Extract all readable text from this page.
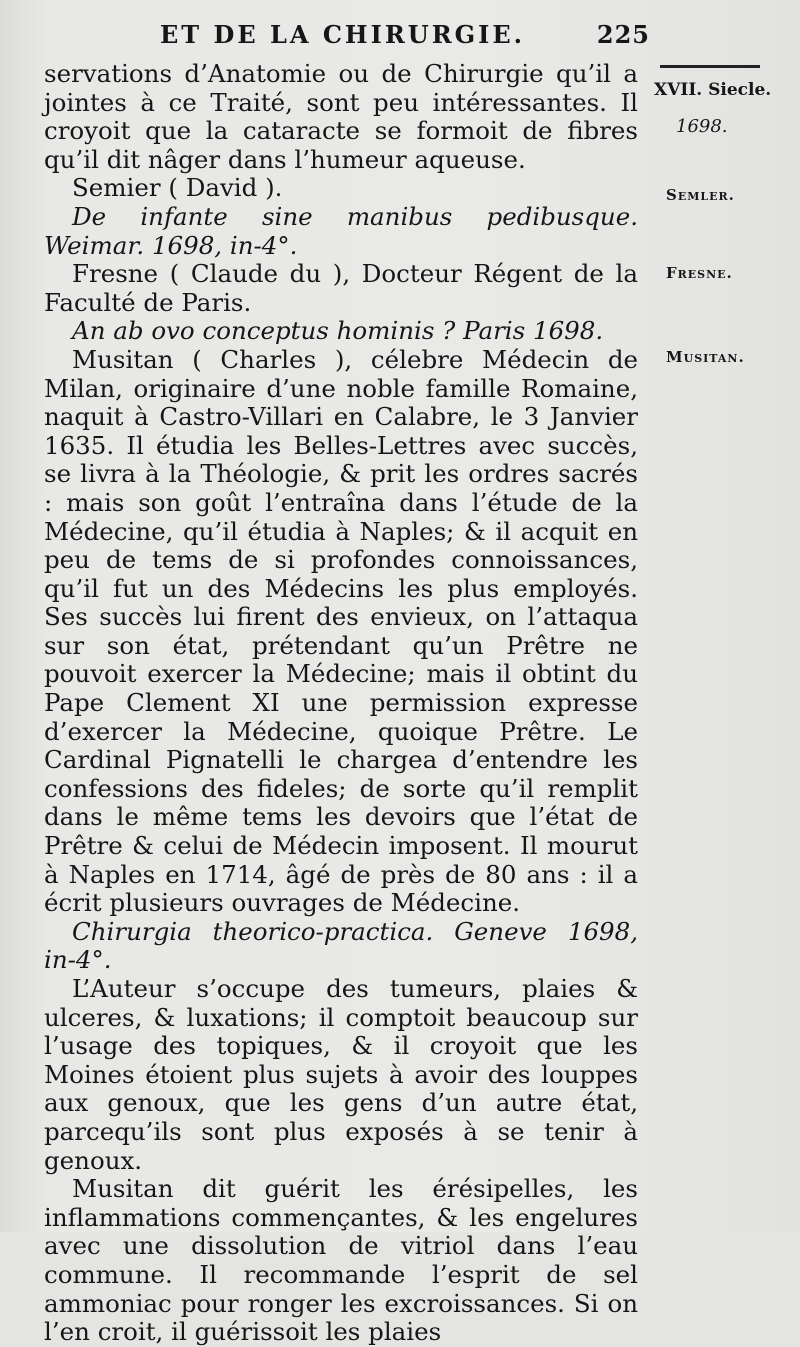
ET DE LA CHIRURGIE.	225

servations d’Anatomie ou de Chirurgie qu’il a jointes à ce Traité, sont peu intéressantes. Il croyoit que la cataracte se formoit de fibres qu’il dit nâger dans l’humeur aqueuse.

Semier ( David ).

De infante sine manibus pedibusque. Weimar. 1698, in-4°.

Fresne ( Claude du ), Docteur Régent de la Faculté de Paris.

An ab ovo conceptus hominis ? Paris 1698.

Musitan ( Charles ), célebre Médecin de Milan, originaire d’une noble famille Romaine, naquit à Castro-Villari en Calabre, le 3 Janvier 1635. Il étudia les Belles-Lettres avec succès, se livra à la Théologie, & prit les ordres sacrés : mais son goût l’entraîna dans l’étude de la Médecine, qu’il étudia à Naples; & il acquit en peu de tems de si profondes connoissances, qu’il fut un des Médecins les plus employés. Ses succès lui firent des envieux, on l’attaqua sur son état, prétendant qu’un Prêtre ne pouvoit exercer la Médecine; mais il obtint du Pape Clement XI une permission expresse d’exercer la Médecine, quoique Prêtre. Le Cardinal Pignatelli le chargea d’entendre les confessions des fideles; de sorte qu’il remplit dans le même tems les devoirs que l’état de Prêtre & celui de Médecin imposent. Il mourut à Naples en 1714, âgé de près de 80 ans : il a écrit plusieurs ouvrages de Médecine.

Chirurgia theorico-practica. Geneve 1698, in-4°.

L’Auteur s’occupe des tumeurs, plaies & ulceres, & luxations; il comptoit beaucoup sur l’usage des topiques, & il croyoit que les Moines étoient plus sujets à avoir des louppes aux genoux, que les gens d’un autre état, parcequ’ils sont plus exposés à se tenir à genoux.

Musitan dit guérit les érésipelles, les inflammations commençantes, & les engelures avec une dissolution de vitriol dans l’eau commune. Il recommande l’esprit de sel ammoniac pour ronger les excroissances. Si on l’en croit, il guérissoit les plaies

XVII. Siecle.
1698.
Semler.
Fresne.
Musitan.
